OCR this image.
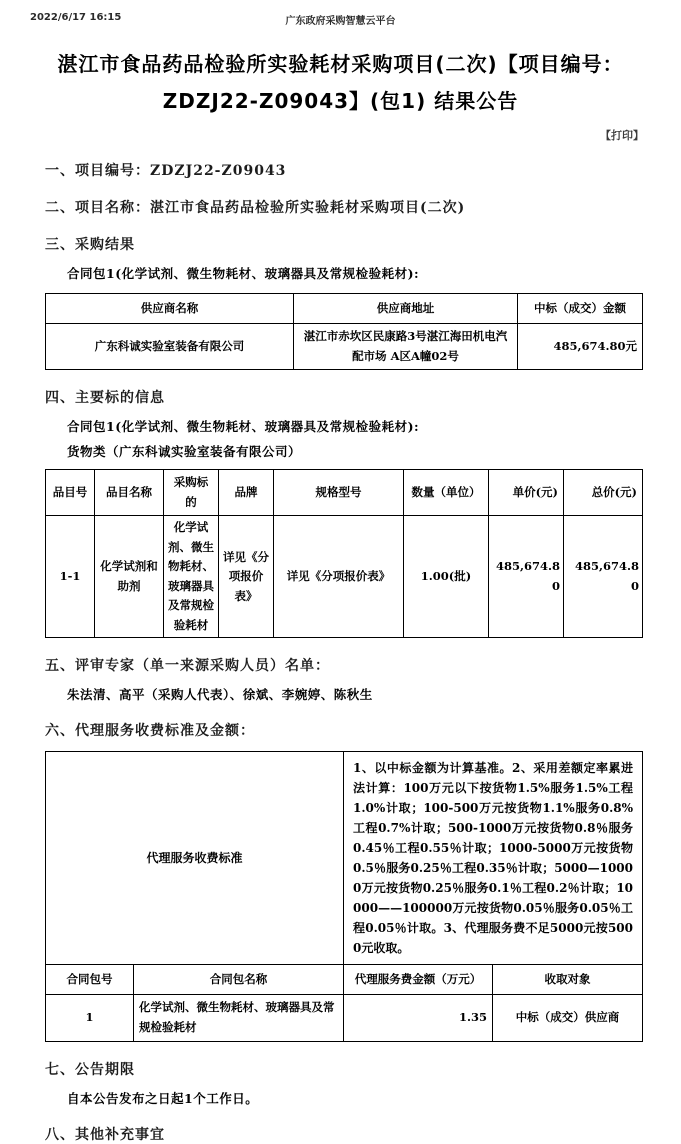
2022/6/17 16:15	广东政府采购智慧云平台
湛江市食品药品检验所实验耗材采购项目(二次)【项目编号：ZDZJ22-Z09043】(包1) 结果公告
【打印】

一、项目编号：ZDZJ22-Z09043

二、项目名称：湛江市食品药品检验所实验耗材采购项目(二次)

三、采购结果

合同包1(化学试剂、微生物耗材、玻璃器具及常规检验耗材):

供应商名称	供应商地址	中标（成交）金额
广东科诚实验室装备有限公司	湛江市赤坎区民康路3号湛江海田机电汽配市场 A区A幢02号	485,674.80元

四、主要标的信息

合同包1(化学试剂、微生物耗材、玻璃器具及常规检验耗材):

货物类（广东科诚实验室装备有限公司）

品目号	品目名称	采购标的	品牌	规格型号	数量（单位）	单价(元)	总价(元)
1-1	化学试剂和助剂	化学试剂、微生物耗材、玻璃器具及常规检验耗材	详见《分项报价表》	详见《分项报价表》	1.00(批)	485,674.80	485,674.80

五、评审专家（单一来源采购人员）名单：

朱法清、高平（采购人代表）、徐斌、李婉婷、陈秋生

六、代理服务收费标准及金额：

代理服务收费标准		1、以中标金额为计算基准。2、采用差额定率累进法计算：100万元以下按货物1.5%服务1.5%工程1.0%计取；100-500万元按货物1.1%服务0.8%工程0.7%计取；500-1000万元按货物0.8％服务0.45％工程0.55％计取；1000-5000万元按货物0.5％服务0.25％工程0.35％计取；5000—10000万元按货物0.25％服务0.1％工程0.2％计取；10000——100000万元按货物0.05％服务0.05％工程0.05％计取。3、代理服务费不足5000元按5000元收取。	
合同包号	合同包名称	代理服务费金额（万元）	收取对象
1	化学试剂、微生物耗材、玻璃器具及常规检验耗材	1.35	中标（成交）供应商

七、公告期限

自本公告发布之日起1个工作日。

八、其他补充事宜
